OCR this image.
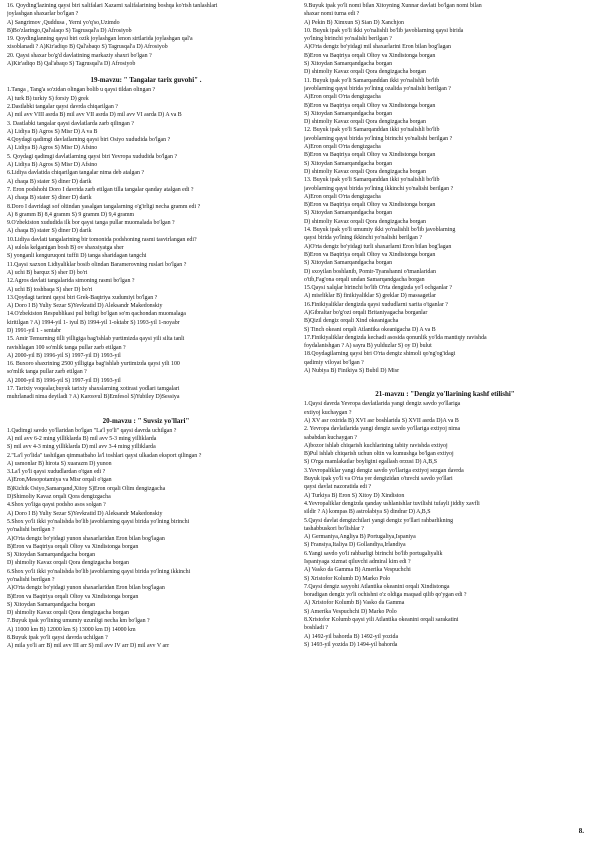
16. Qoyding'lazining qaysi biri xalifalari Xazarni xalifalarining boshqa ko'rish tanlashlari
joylashgan shaxarlar bo'lgan ?
A) Sangrimov ,Quddusa , Yerni yo'q'so,Uzimdo
B)Bo'zlaringo,Qal'alaqo S) Tagrusqal'a D) Afrosiyob
19. Qoydinglanning qaysi biri ozik joylashgan lenon sirtlarida joylashgan qal'a
xisoblanadi ? A)Kir'adiqo B) Qal'abaqo S) Tagrusqal'a D) Afrosiyob
20. Qaysi shaxar bo'g'd davlatining markaziy shaxri bo'lgan ?
A)Kir'adiqo B) Qal'abaqo S) Tagrusqal'a D) Afrosiyob
19-mavzu: " Tangalar tarix guvohi" .
1.Tanga , Tang'a so'zidan olingan bolib u qaysi tildan olingan ?
A) turk B) turkiy S) forsiy D) grek
2.Dastlabki tangalar qaysi davrda chiqarilgan ?
A) mil avv VIII asrda B) mil avv VII asrda D) mil avv VI asrda D) A va B
3. Dastlabki tangalar qaysi davlatlarda zarb qilingan ?
A) Lidiya B) Agros S) Misr D) A va B
4.Qoydagi qadimgi davlatlarning qaysi biri Osiyo xududida bo'lgan ?
A) Lidiya B) Agros S) Misr D) Afsino
5. Qoydagi qadimgi davlatlarning qaysi biri Yevropa xududida bo'lgan ?
A) Lidiya B) Agros S) Misr D) Afsino
6.Lidiya davlatida chiqarilgan tangalar nima deb atalgan ?
A) chaqa B) stater S) diner D) darik
7. Eron podshohi Doro I davrida zarb etilgan tilla tangalar qanday atalgan edi ?
A) chaqa B) stater S) diner D) darik
8.Doro I davridagi sof oltindan yasalgan tangalarning o'g'irligi necha gramm edi ?
A) 8 gramm B) 8,4 gramm S) 9 gramm D) 9,4 gramm
9.O'zbekiston xududida ilk bor qaysi tanga pullar muomalada bo'lgan ?
A) chaqa B) stater S) diner D) darik
10.Lidiya davlati tangalarining bir tomonida podshoning rasmi tasvirlangan edi?
A) sulola kelganigan bosh B) ov shaxsiyatga sher
S) yonganli kenguruqoni tuffii D) tanga sharidagan tangchi
11.Qaysi xazxon Lidiyaliklar bosib olindan Baramerovning ruslari bo'lgan ?
A) uchi B) barquz S) sher D) bo'ri
12.Agros davlati tangalarida simoning rasmi bo'lgan ?
A) uchi B) toshbaqa S) sher D) bo'ri
13.Qoydagi tarinni qaysi biri Grek-Baqtriya xudumiyi bo'lgan ?
A) Doro I B) Yuliy Sezar S)Yevkratid D) Aleksandr Makedonskiy
14.O'zbekiston Respublikasi pul birligi bo'lgan so'm qachondan muomalaga
kiritilgan ? A) 1994-yil 1- iyul B) 1994-yil 1-oktabr S) 1993-yil 1-noyabr
D) 1991-yil 1 - sentabr
15. Amir Temurning tilli yilligiga bag'ishlab yurtimizda qaysi yili silta tanli
ravishlagan 100 so'mlik tanga pullar zarb etilgan ?
A) 2000-yil B) 1996-yil S) 1997-yil D) 1993-yil
16. Buxoro shaxrining 2500 yilligiga bag'ishlab yurtimizda qaysi yili 100
so'mlik tanga pullar zarb etilgan ?
A) 2000-yil B) 1996-yil S) 1997-yil D) 1993-yil
17. Tarixiy voqealar,buyuk tarixiy shaxslarning xotirasi yodlari tamgalari
muhrlanadi nima deyiladi ? A) Karosvul B)Emfesol S)Yubiley D)Sessiya
20-mavzu : " Suvsiz yo'llari"
1.Qadimgi savdo yo'llaridan bo'lgan "La'l yo'li" qaysi davrda uchilgan ?
A) mil avv 6-2 ming yilliklarda B) mil avv 5-3 ming yilliklarda
S) mil avv 4-3 ming yilliklarda D) mil avv 3-4 ming yilliklarda
2."La'l yo'lida" tashilgan qimmatbaho la'l toshlari qaysi ulkadan eksport qilingan ?
A) usmonlar B) hirota S) xuarazm D) yunon
3.La'l yo'li qaysi xududlardan o'tgan edi ?
A)Eron,Mesopotamiya va Misr orqali o'tgan
B)Kichik Osiyo,Samarqand,Xitoy S)Eron orqali Olim dengizgacha
D)Shimoliy Kavaz orqali Qora dengizgacha
4.Shox yo'liga qaysi podsho asos solgan ?
A) Doro I B) Yuliy Sezar S)Yevkratid D) Aleksandr Makedonskiy
5.Shox yo'li ikki yo'nalishda bo'lib javoblarning qaysi birida yo'lning birinchi
yo'nalishi berilgan ?
A)O'rta dengiz bo'yidagi yunon shaxarlaridan Eron bilan bog'lagan
B)Eron va Baqtriya orqali Oltoy va Xindistonga borgan
S) Xitoydan Samarqandgacha borgan
D) shimoliy Kavaz orqali Qora dengizgacha borgan
6.Shox yo'li ikki yo'nalishda bo'lib javoblarning qaysi birida yo'lning ikkinchi
yo'nalishi berilgan ?
A)O'rta dengiz bo'yidagi yunon shaxarlaridan Eron bilan bog'lagan
B)Eron va Baqtriya orqali Oltoy va Xindistonga borgan
S) Xitoydan Samarqandgacha borgan
D) shimoliy Kavaz orqali Qora dengizgacha borgan
7.Buyuk ipak yo'lining umumiy uzunligi necha km bo'lgan ?
A) 11000 km B) 12000 km S) 13000 km D) 14000 km
8.Buyuk ipak yo'li qaysi davrda uchilgan ?
A) mila yo'li arr B) mil avv III arr S) mil avv IV arr D) mil avv V arr
9.Buyuk ipak yo'li nomi bilan Xitoyning Xunnar davlati bo'lgan nomi bilan
shaxar nomi turna edi ?
A) Pekin B) Ximxun S) Sian D) Xanchjon
10. Buyuk ipak yo'li ikki yo'nalishli bo'lib javoblarning qaysi birida
yo'lning birinchi yo'nalishi berilgan ?
A)O'rta dengiz bo'yidagi mil shaxarlarini Eron bilan bog'lagan
B)Eron va Baqtriya orqali Oltoy va Xindistonga borgan
S) Xitoydan Samarqandgacha borgan
D) shimoliy Kavaz orqali Qora dengizgacha borgan
11. Buyuk ipak yo'li Samarqanddan ikki yo'nalishli bo'lib
javoblarning qaysi birida yo'lning ozalida yo'nalishi berilgan ?
A)Eron orqali O'rta dengizgacha
B)Eron va Baqtriya orqali Oltoy va Xindistonga borgan
S) Xitoydan Samarqandgacha borgan
D) shimoliy Kavaz orqali Qora dengizgacha borgan
12. Buyuk ipak yo'li Samarqanddan ikki yo'nalishli bo'lib
javoblarning qaysi birida yo'lning birinchi yo'nalishi berilgan ?
A)Eron orqali O'rta dengizgacha
B)Eron va Baqtriya orqali Oltoy va Xindistonga borgan
S) Xitoydan Samarqandgacha borgan
D) shimoliy Kavaz orqali Qora dengizgacha borgan
13. Buyuk ipak yo'li Samarqanddan ikki yo'nalishli bo'lib
javoblarning qaysi birida yo'lning ikkinchi yo'nalishi berilgan ?
A)Eron orqali O'rta dengizgacha
B)Eron va Baqtriya orqali Oltoy va Xindistonga borgan
S) Xitoydan Samarqandgacha borgan
D) shimoliy Kavaz orqali Qora dengizgacha borgan
14. Buyuk ipak yo'li umumiy ikki yo'nalishli bo'lib javoblarning
qaysi birida yo'lning ikkinchi yo'nalishi berilgan ?
A)O'rta dengiz bo'yidagi turli shaxarlarni Eron bilan bog'lagan
B)Eron va Baqtriya orqali Oltoy va Xindistonga borgan
S) Xitoydan Samarqandgacha borgan
D) sxoyilan boshlanib, Pomir-Tyanshanni o'tmanlaridan
o'tib,Fag'ona orqali undan Samarqandgacha borgan
15.Qaysi xalqlar birinchi bo'lib O'rta dengizda yo'l ochganlar ?
A) misrliklar B) finikiyaliklar S) greklar D) massagetlar
16.Finikiyaliklar dengizda qaysi xududlarni xarita o'tganlar ?
A)Gibraltar bo'g'ozi orqali Britaniyagacha borganlar
B)Qizil dengiz orqali Xind okeanigacha
S) Tinch okeani orqali Atlantika okeanigacha D) A va B
17.Finikiyaliklar dengizda kechadi asosida qonunlik yo'lda mantiqiy ravishda
foydalanishgan ? A) sayra B) yulduzlar S) oy D) bulut
18.Qoydagilarning qaysi biri O'rta dengiz shimoli qo'ng'og'idagi
qadimiy viloyat bo'lgan ?
A) Nubiya B) Finikiya S) Bubil D) Misr
21-mavzu : "Dengiz yo'llarining kashf etilishi"
1.Qaysi davrda Yevropa davlatlarida yangi dengiz savdo yo'llariga
extiyoj kuchaygan ?
A) XV asr oxirida B) XVI asr boshlarida S) XVII asrda D)A va B
2. Yevropa davlatlarida yangi dengiz savdo yo'llariga extiyoj nima
sababdan kuchaygan ?
A)bozor ishlab chiqarish kuchlarining tabiiy ravishda extiyoj
B)Pul ishlab chiqarish uchun oltin va kumushga bo'lgan extiyoj
S) O'rga mamlakatlar boyligini egallash orzusi D) A,B,S
3.Yevropaliklar yangi dengiz savdo yo'llariga extiyoj sezgan davrda
Buyuk ipak yo'li va O'rta yer dengizidan o'tuvchi savdo yo'llari
qaysi davlat nazoratida edi ?
A) Turkiya B) Eron S) Xitoy D) Xindiston
4.Yevropaliklar dengizda qanday ushlanishlar tuvilishi tufayli jiddiy xavfli
sildir ? A) kompas B) astrolabiya S) dindrar D) A,B,S
5.Qaysi davlat dengizchilari yangi dengiz yo'llari rahbarlikning
tashabbuskori bo'lishlar ?
A) Germaniya,Angliya B) Portugaliya,Ispaniya
S) Fransiya,Italiya D) Gollandiya,Irlandiya
6.Yangi savdo yo'li rahbarligi birinchi bo'lib portugaliyalik
Ispaniyaga xizmat qiluvchi admiral kim edi ?
A) Vasko da Gamma B) Amerika Vespuchchi
S) Xristofor Kolumb D) Marko Polo
7.Qaysi dengiz sayyohi Atlantika okeanini orqali Xindistonga
boradigan dengiz yo'li ochishni o'z oldiga maqsad qilib qo'ygan edi ?
A) Xristofor Kolumb B) Vasko da Gamma
S) Amerika Vespuchchi D) Marko Polo
8.Xristofor Kolumb qaysi yili Atlantika okeanini orqali sarakatini
boshladi ?
A) 1492-yil bahorda B) 1492-yil yozida
S) 1493-yil yozida D) 1494-yil bahorda
8.
